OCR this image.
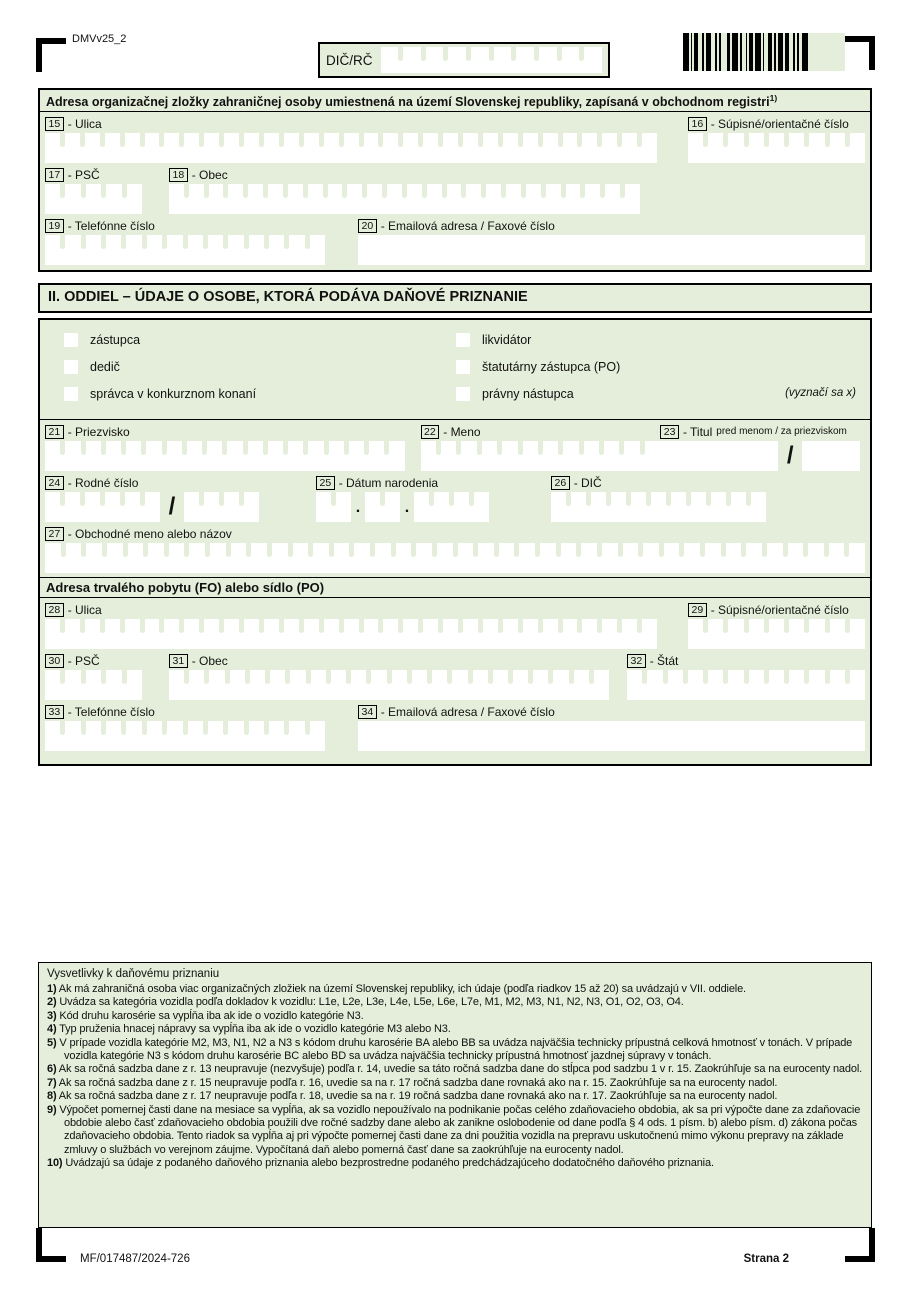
DMVv25_2
DIČ/RČ
Adresa organizačnej zložky zahraničnej osoby umiestnená na území Slovenskej republiky, zapísaná v obchodnom registri$^{1)}$
15 - Ulica	16 - Súpisné/orientačné číslo
17 - PSČ	18 - Obec
19 - Telefónne číslo	20 - Emailová adresa / Faxové číslo
II. ODDIEL – ÚDAJE O OSOBE, KTORÁ PODÁVA DAŇOVÉ PRIZNANIE
zástupca
dedič
správca v konkurznom konaní
likvidátor
štatutárny zástupca (PO)
právny nástupca	(vyznačí sa x)
21 - Priezvisko	22 - Meno	23 - Titul pred menom / za priezviskom
/
24 - Rodné číslo
/
25 - Dátum narodenia
.	.
26 - DIČ
27 - Obchodné meno alebo názov
Adresa trvalého pobytu (FO) alebo sídlo (PO)
28 - Ulica	29 - Súpisné/orientačné číslo
30 - PSČ	31 - Obec	32 - Štát
33 - Telefónne číslo	34 - Emailová adresa / Faxové číslo
Vysvetlivky k daňovému priznaniu
1) Ak má zahraničná osoba viac organizačných zložiek na území Slovenskej republiky, ich údaje (podľa riadkov 15 až 20) sa uvádzajú v VII. oddiele.
2) Uvádza sa kategória vozidla podľa dokladov k vozidlu: L1e, L2e, L3e, L4e, L5e, L6e, L7e, M1, M2, M3, N1, N2, N3, O1, O2, O3, O4.
3) Kód druhu karosérie sa vypĺňa iba ak ide o vozidlo kategórie N3.
4) Typ pruženia hnacej nápravy sa vypĺňa iba ak ide o vozidlo kategórie M3 alebo N3.
5) V prípade vozidla kategórie M2, M3, N1, N2 a N3 s kódom druhu karosérie BA alebo BB sa uvádza najväčšia technicky prípustná celková hmotnosť v tonách. V prípade vozidla kategórie N3 s kódom druhu karosérie BC alebo BD sa uvádza najväčšia technicky prípustná hmotnosť jazdnej súpravy v tonách.
6) Ak sa ročná sadzba dane z r. 13 neupravuje (nezvyšuje) podľa r. 14, uvedie sa táto ročná sadzba dane do stĺpca pod sadzbu 1 v r. 15. Zaokrúhľuje sa na eurocenty nadol.
7) Ak sa ročná sadzba dane z r. 15 neupravuje podľa r. 16, uvedie sa na r. 17 ročná sadzba dane rovnaká ako na r. 15. Zaokrúhľuje sa na eurocenty nadol.
8) Ak sa ročná sadzba dane z r. 17 neupravuje podľa r. 18, uvedie sa na r. 19 ročná sadzba dane rovnaká ako na r. 17. Zaokrúhľuje sa na eurocenty nadol.
9) Výpočet pomernej časti dane na mesiace sa vypĺňa, ak sa vozidlo nepoužívalo na podnikanie počas celého zdaňovacieho obdobia, ak sa pri výpočte dane za zdaňovacie obdobie alebo časť zdaňovacieho obdobia použili dve ročné sadzby dane alebo ak zanikne oslobodenie od dane podľa § 4 ods. 1 písm. b) alebo písm. d) zákona počas zdaňovacieho obdobia. Tento riadok sa vypĺňa aj pri výpočte pomernej časti dane za dni použitia vozidla na prepravu uskutočnenú mimo výkonu prepravy na základe zmluvy o službách vo verejnom záujme. Vypočítaná daň alebo pomerná časť dane sa zaokrúhľuje na eurocenty nadol.
10) Uvádzajú sa údaje z podaného daňového priznania alebo bezprostredne podaného predchádzajúceho dodatočného daňového priznania.
MF/017487/2024-726	Strana 2
